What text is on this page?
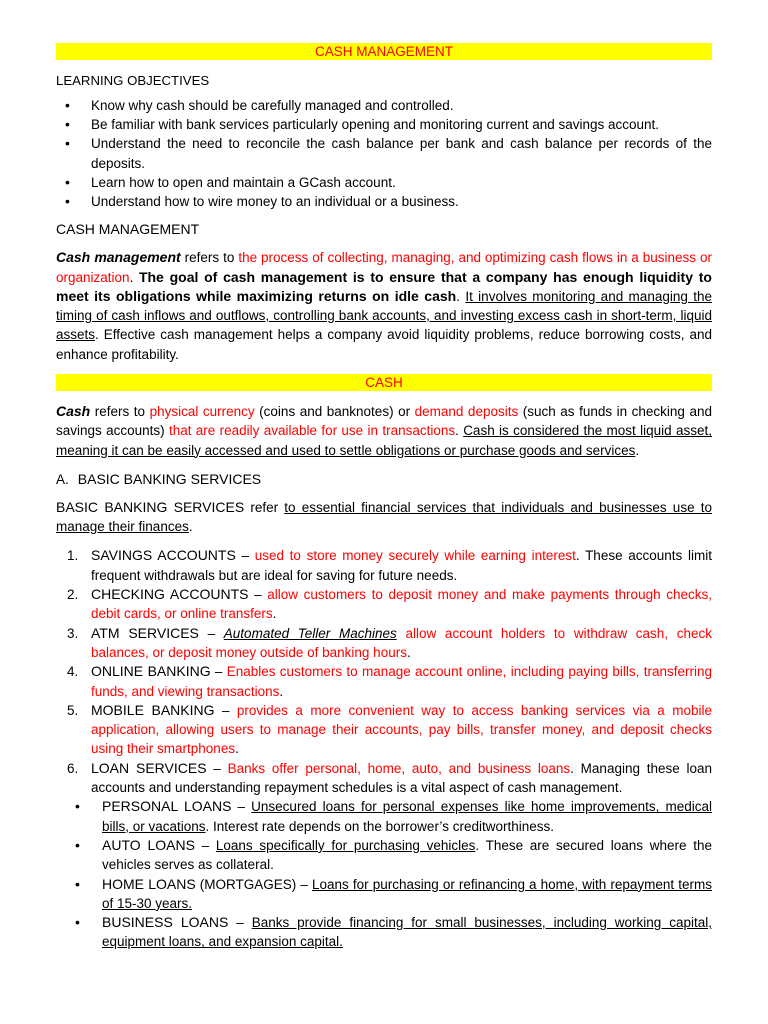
CASH MANAGEMENT
LEARNING OBJECTIVES
• Know why cash should be carefully managed and controlled.
• Be familiar with bank services particularly opening and monitoring current and savings account.
• Understand the need to reconcile the cash balance per bank and cash balance per records of the deposits.
• Learn how to open and maintain a GCash account.
• Understand how to wire money to an individual or a business.
CASH MANAGEMENT

Cash management refers to the process of collecting, managing, and optimizing cash flows in a business or organization. The goal of cash management is to ensure that a company has enough liquidity to meet its obligations while maximizing returns on idle cash. It involves monitoring and managing the timing of cash inflows and outflows, controlling bank accounts, and investing excess cash in short-term, liquid assets. Effective cash management helps a company avoid liquidity problems, reduce borrowing costs, and enhance profitability.

CASH

Cash refers to physical currency (coins and banknotes) or demand deposits (such as funds in checking and savings accounts) that are readily available for use in transactions. Cash is considered the most liquid asset, meaning it can be easily accessed and used to settle obligations or purchase goods and services.

A. BASIC BANKING SERVICES

BASIC BANKING SERVICES refer to essential financial services that individuals and businesses use to manage their finances.

1. SAVINGS ACCOUNTS – used to store money securely while earning interest. These accounts limit frequent withdrawals but are ideal for saving for future needs.
2. CHECKING ACCOUNTS – allow customers to deposit money and make payments through checks, debit cards, or online transfers.
3. ATM SERVICES – Automated Teller Machines allow account holders to withdraw cash, check balances, or deposit money outside of banking hours.
4. ONLINE BANKING – Enables customers to manage account online, including paying bills, transferring funds, and viewing transactions.
5. MOBILE BANKING – provides a more convenient way to access banking services via a mobile application, allowing users to manage their accounts, pay bills, transfer money, and deposit checks using their smartphones.
6. LOAN SERVICES – Banks offer personal, home, auto, and business loans. Managing these loan accounts and understanding repayment schedules is a vital aspect of cash management.
• PERSONAL LOANS – Unsecured loans for personal expenses like home improvements, medical bills, or vacations. Interest rate depends on the borrower’s creditworthiness.
• AUTO LOANS – Loans specifically for purchasing vehicles. These are secured loans where the vehicles serves as collateral.
• HOME LOANS (MORTGAGES) – Loans for purchasing or refinancing a home, with repayment terms of 15-30 years.
• BUSINESS LOANS – Banks provide financing for small businesses, including working capital, equipment loans, and expansion capital.
